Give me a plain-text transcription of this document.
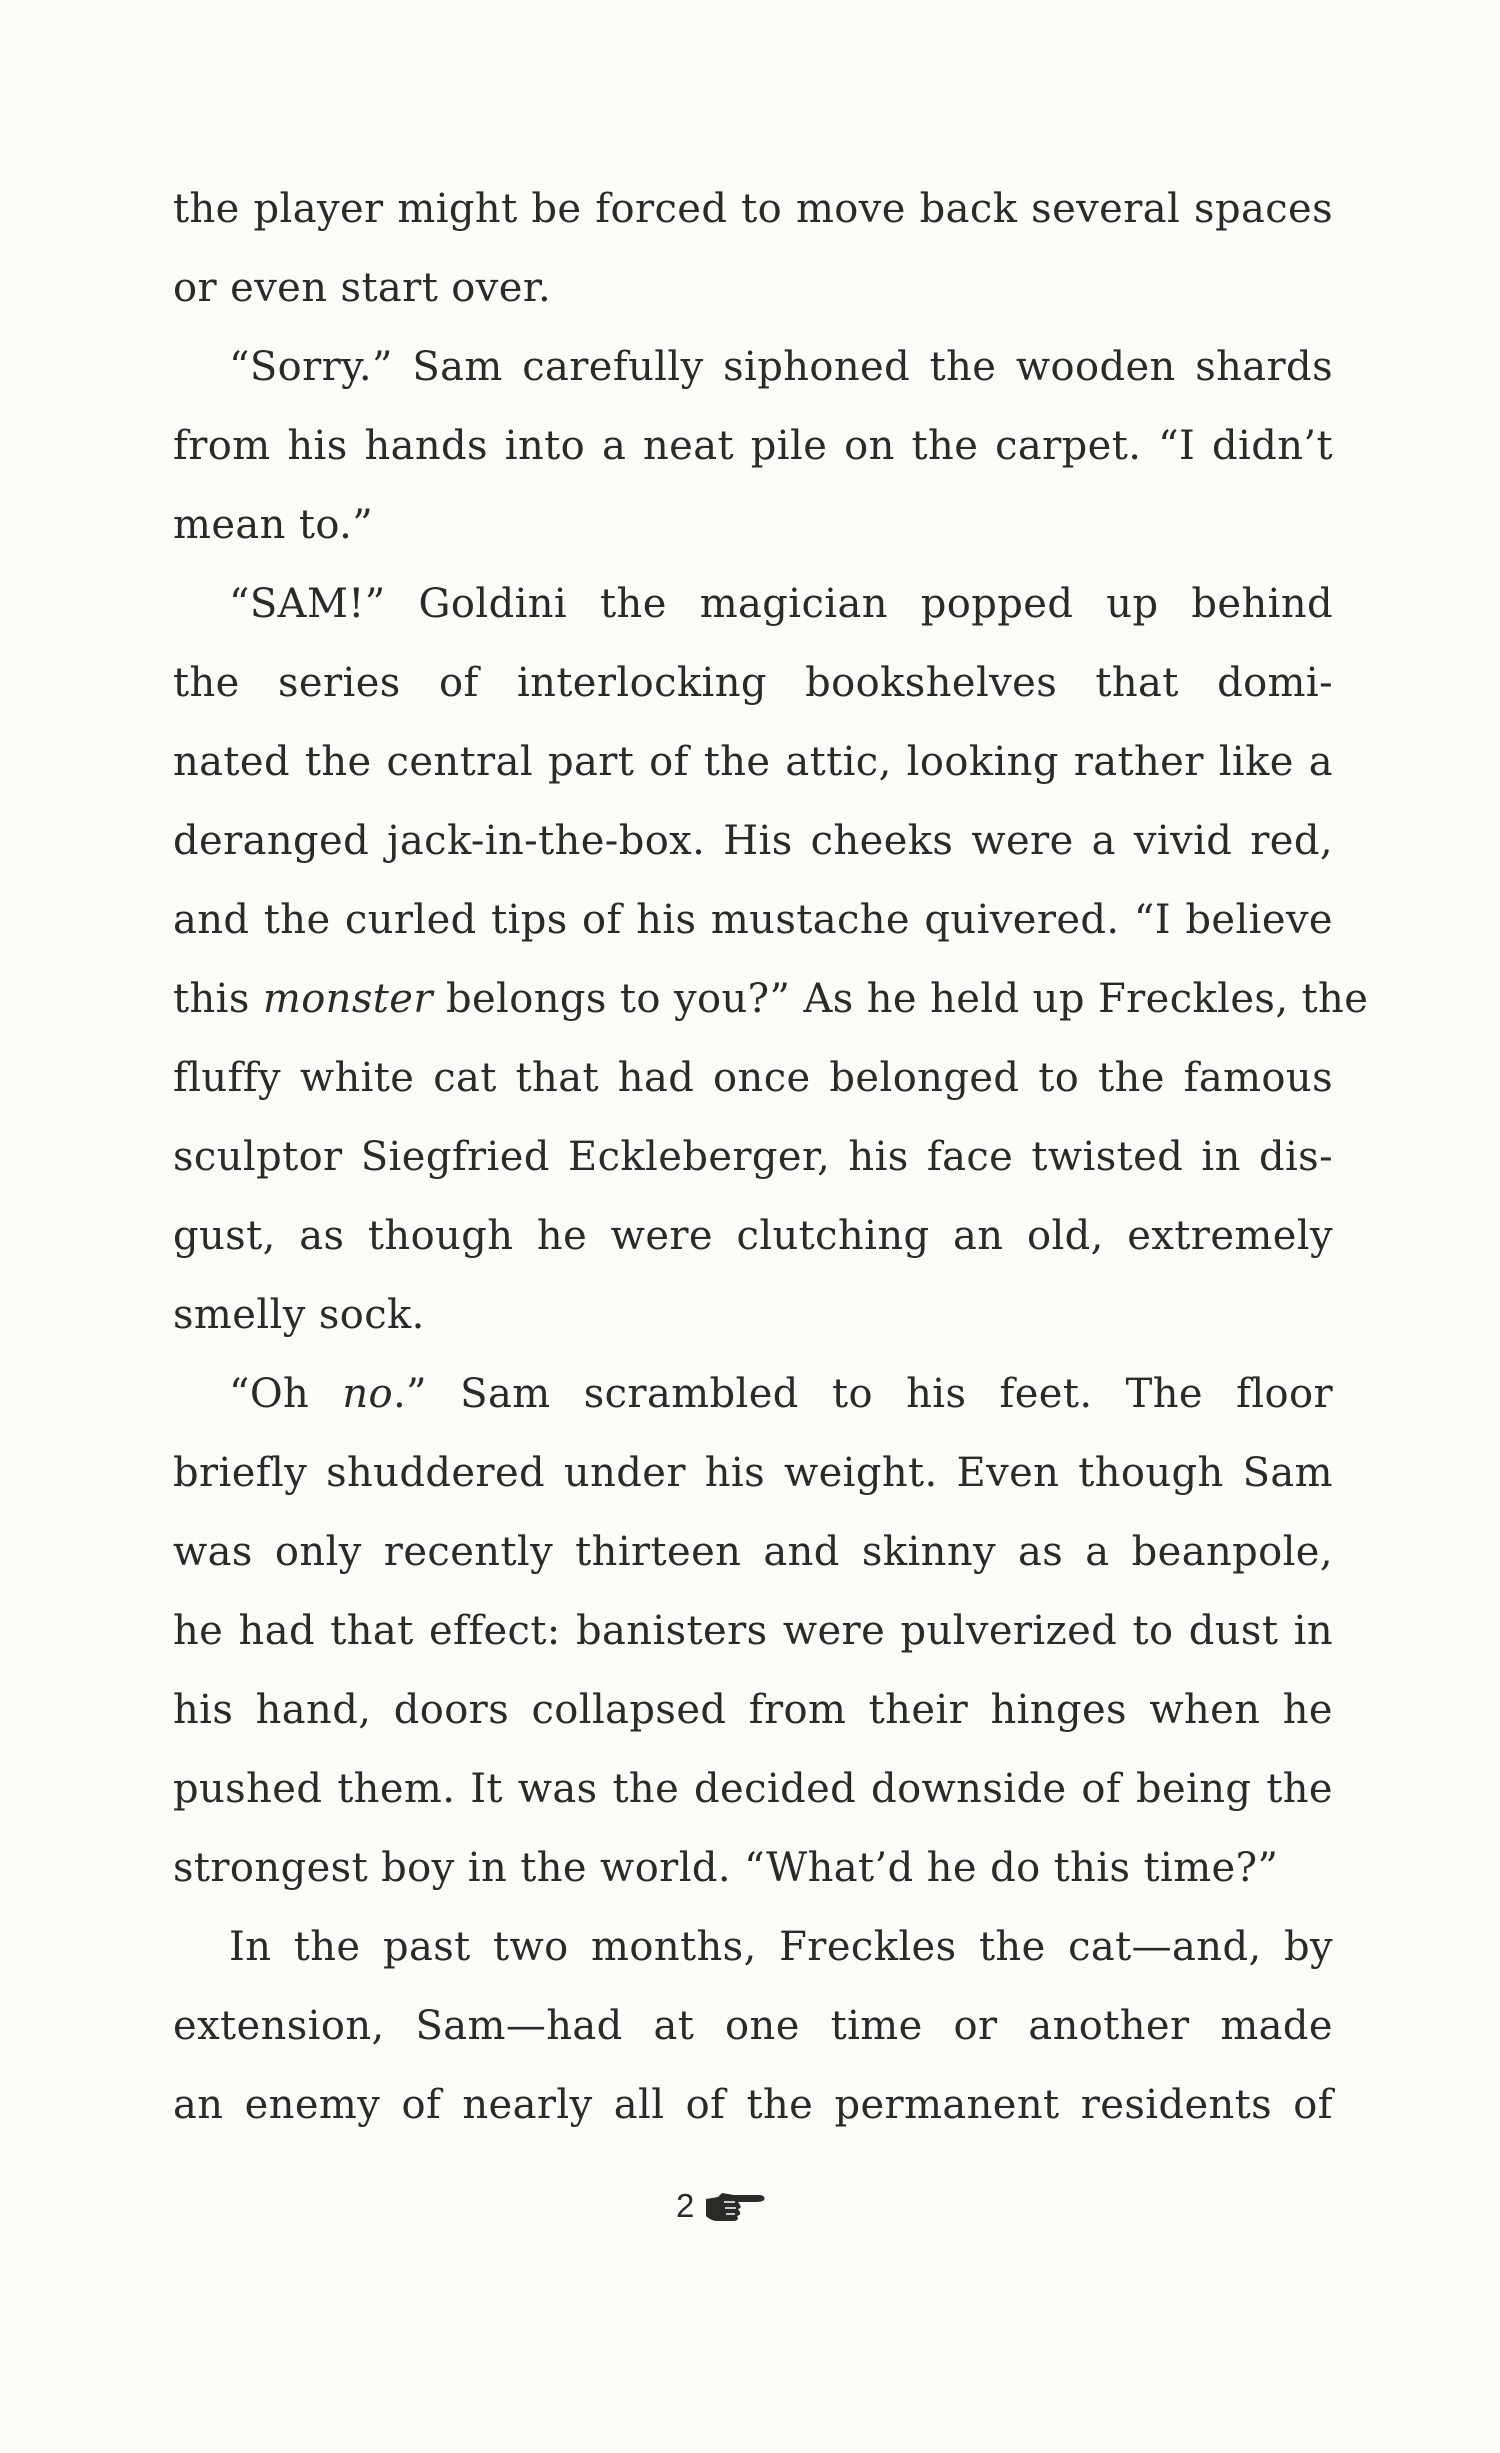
the player might be forced to move back several spaces
or even start over.
“Sorry.” Sam carefully siphoned the wooden shards
from his hands into a neat pile on the carpet. “I didn’t
mean to.”
“SAM!” Goldini the magician popped up behind
the series of interlocking bookshelves that domi-
nated the central part of the attic, looking rather like a
deranged jack-in-the-box. His cheeks were a vivid red,
and the curled tips of his mustache quivered. “I believe
this monster belongs to you?” As he held up Freckles, the
fluffy white cat that had once belonged to the famous
sculptor Siegfried Eckleberger, his face twisted in dis-
gust, as though he were clutching an old, extremely
smelly sock.
“Oh no.” Sam scrambled to his feet. The floor
briefly shuddered under his weight. Even though Sam
was only recently thirteen and skinny as a beanpole,
he had that effect: banisters were pulverized to dust in
his hand, doors collapsed from their hinges when he
pushed them. It was the decided downside of being the
strongest boy in the world. “What’d he do this time?”
In the past two months, Freckles the cat—and, by
extension, Sam—had at one time or another made
an enemy of nearly all of the permanent residents of
2
